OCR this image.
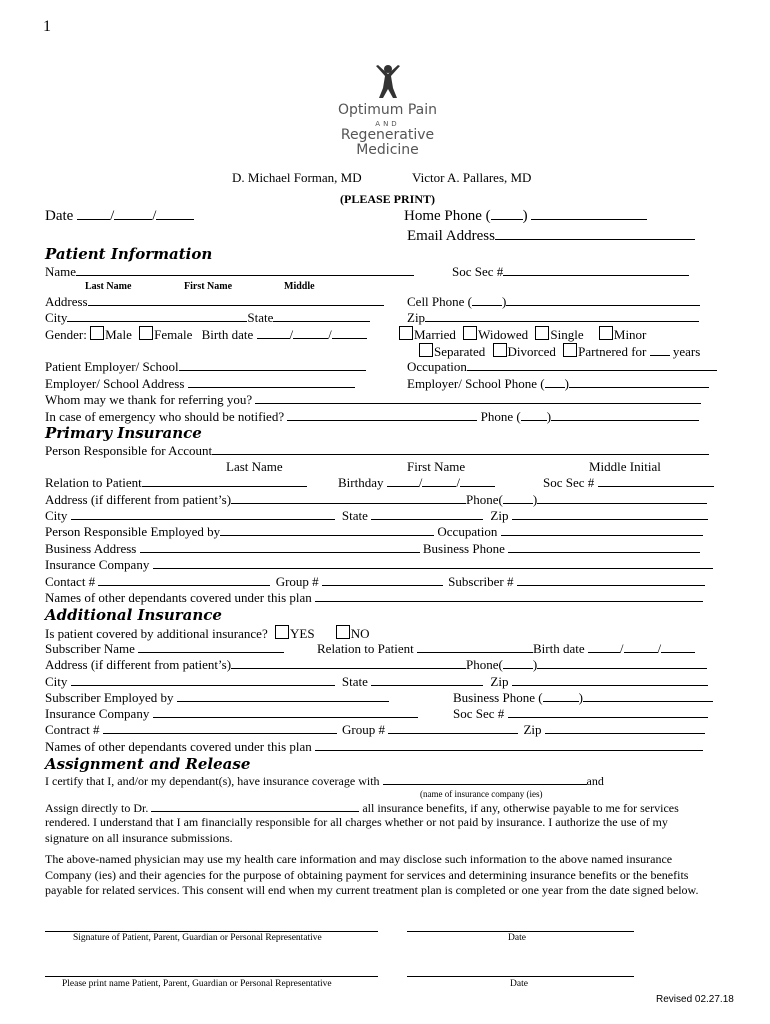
1
Optimum Pain
AND
Regenerative
Medicine
D. Michael Forman, MD	Victor A. Pallares, MD
(PLEASE PRINT)
Date /	/	Home Phone ( )
Email Address
Patient Information
Name	Soc Sec #
Last Name	First Name	Middle
Address	Cell Phone ( )
City	State	Zip
Gender: Male Female Birth date	/	/	Married Widowed Single Minor
Separated Divorced Partnered for years
Patient Employer/ School	Occupation
Employer/ School Address	Employer/ School Phone ( )
Whom may we thank for referring you?
In case of emergency who should be notified?	Phone ( )
Primary Insurance
Person Responsible for Account
Last Name	First Name	Middle Initial
Relation to Patient	Birthday	/	/	Soc Sec #
Address (if different from patient’s)	Phone( )
City	State	Zip
Person Responsible Employed by	Occupation
Business Address	Business Phone
Insurance Company
Contact #	Group #	Subscriber #
Names of other dependants covered under this plan
Additional Insurance
Is patient covered by additional insurance? YES	NO
Subscriber Name	Relation to Patient	Birth date	/	/
Address (if different from patient’s)	Phone( )
City	State	Zip
Subscriber Employed by	Business Phone (	)
Insurance Company	Soc Sec #
Contract #	Group #	Zip
Names of other dependants covered under this plan
Assignment and Release
I certify that I, and/or my dependant(s), have insurance coverage with	and
(name of insurance company (ies)
Assign directly to Dr.	all insurance benefits, if any, otherwise payable to me for services
rendered. I understand that I am financially responsible for all charges whether or not paid by insurance. I authorize the use of my signature on all insurance submissions.
The above-named physician may use my health care information and may disclose such information to the above named insurance Company (ies) and their agencies for the purpose of obtaining payment for services and determining insurance benefits or the benefits payable for related services. This consent will end when my current treatment plan is completed or one year from the date signed below.
Signature of Patient, Parent, Guardian or Personal Representative	Date
Please print name Patient, Parent, Guardian or Personal Representative	Date
Revised 02.27.18
